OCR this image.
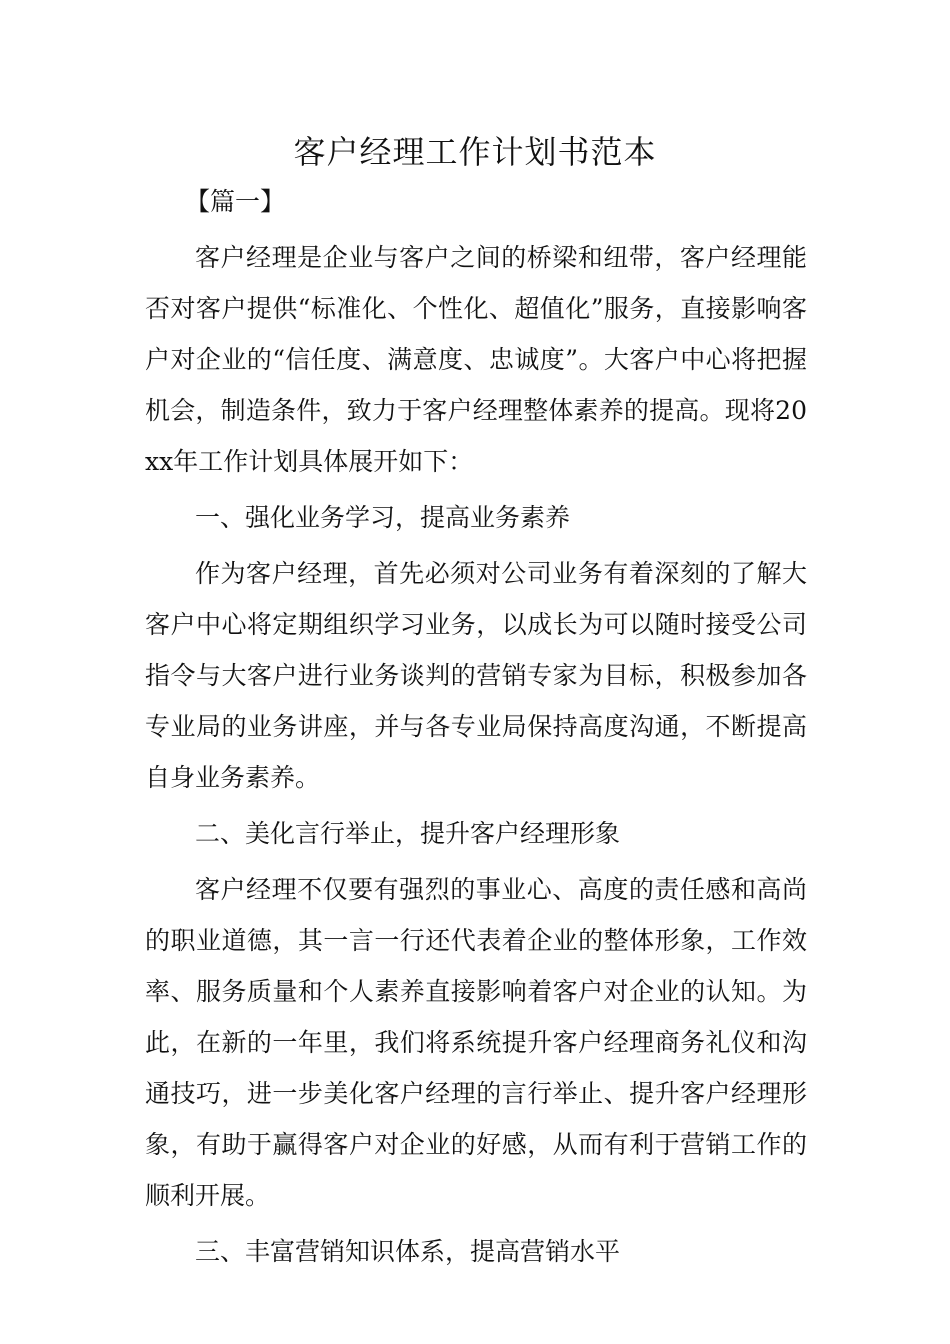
客户经理工作计划书范本

【篇一】

客户经理是企业与客户之间的桥梁和纽带，客户经理能否对客户提供“标准化、个性化、超值化”服务，直接影响客户对企业的“信任度、满意度、忠诚度”。大客户中心将把握机会，制造条件，致力于客户经理整体素养的提高。现将20xx年工作计划具体展开如下：

一、强化业务学习，提高业务素养

作为客户经理，首先必须对公司业务有着深刻的了解大客户中心将定期组织学习业务，以成长为可以随时接受公司指令与大客户进行业务谈判的营销专家为目标，积极参加各专业局的业务讲座，并与各专业局保持高度沟通，不断提高自身业务素养。

二、美化言行举止，提升客户经理形象

客户经理不仅要有强烈的事业心、高度的责任感和高尚的职业道德，其一言一行还代表着企业的整体形象，工作效率、服务质量和个人素养直接影响着客户对企业的认知。为此，在新的一年里，我们将系统提升客户经理商务礼仪和沟通技巧，进一步美化客户经理的言行举止、提升客户经理形象，有助于赢得客户对企业的好感，从而有利于营销工作的顺利开展。

三、丰富营销知识体系，提高营销水平
